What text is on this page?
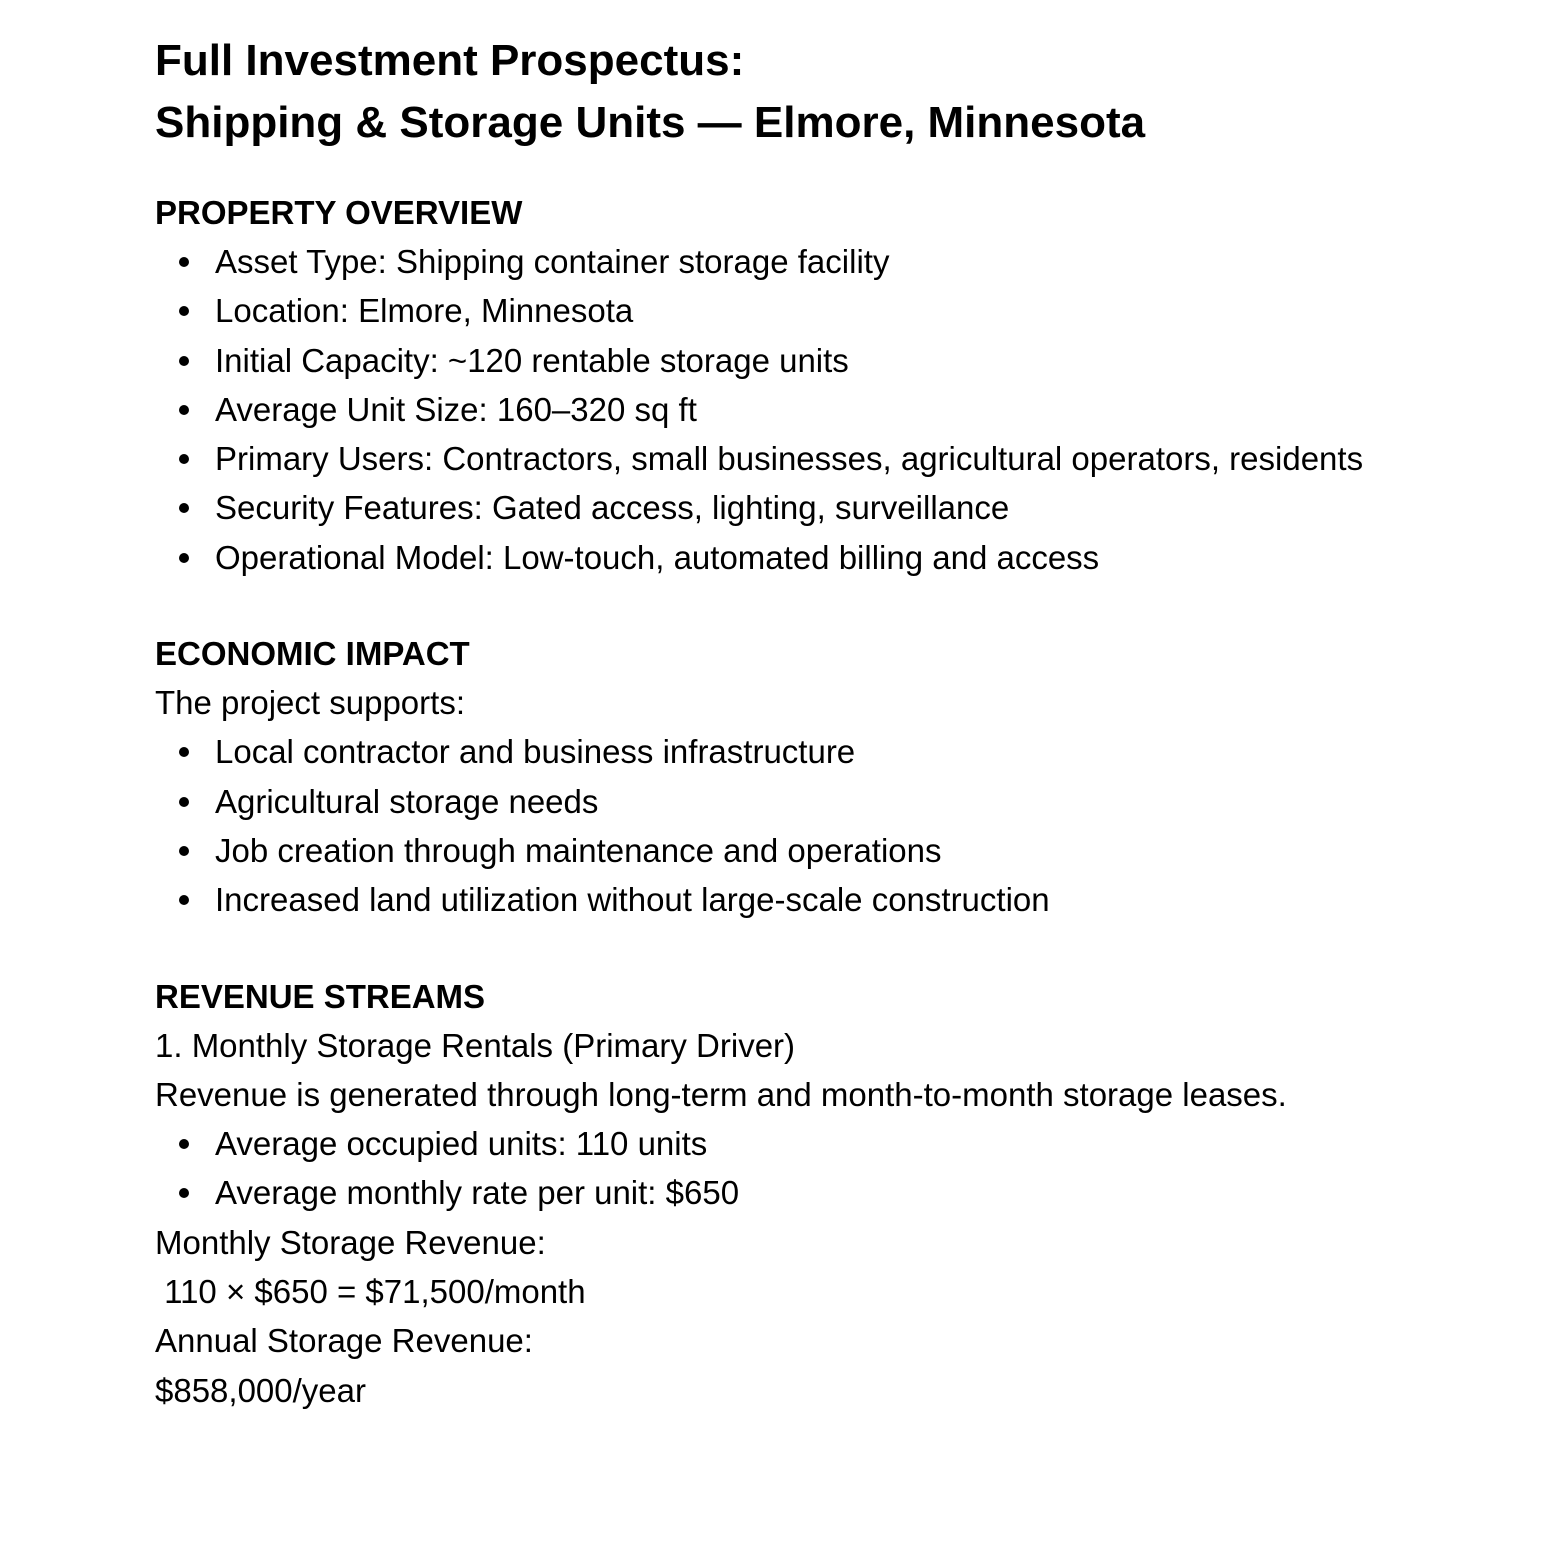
Full Investment Prospectus:
Shipping & Storage Units — Elmore, Minnesota
PROPERTY OVERVIEW
Asset Type: Shipping container storage facility
Location: Elmore, Minnesota
Initial Capacity: ~120 rentable storage units
Average Unit Size: 160–320 sq ft
Primary Users: Contractors, small businesses, agricultural operators, residents
Security Features: Gated access, lighting, surveillance
Operational Model: Low-touch, automated billing and access
ECONOMIC IMPACT

The project supports:

Local contractor and business infrastructure
Agricultural storage needs
Job creation through maintenance and operations
Increased land utilization without large-scale construction
REVENUE STREAMS

1. Monthly Storage Rentals (Primary Driver)

Revenue is generated through long-term and month-to-month storage leases.

Average occupied units: 110 units
Average monthly rate per unit: $650

Monthly Storage Revenue:

110 × $650 = $71,500/month

Annual Storage Revenue:

$858,000/year
